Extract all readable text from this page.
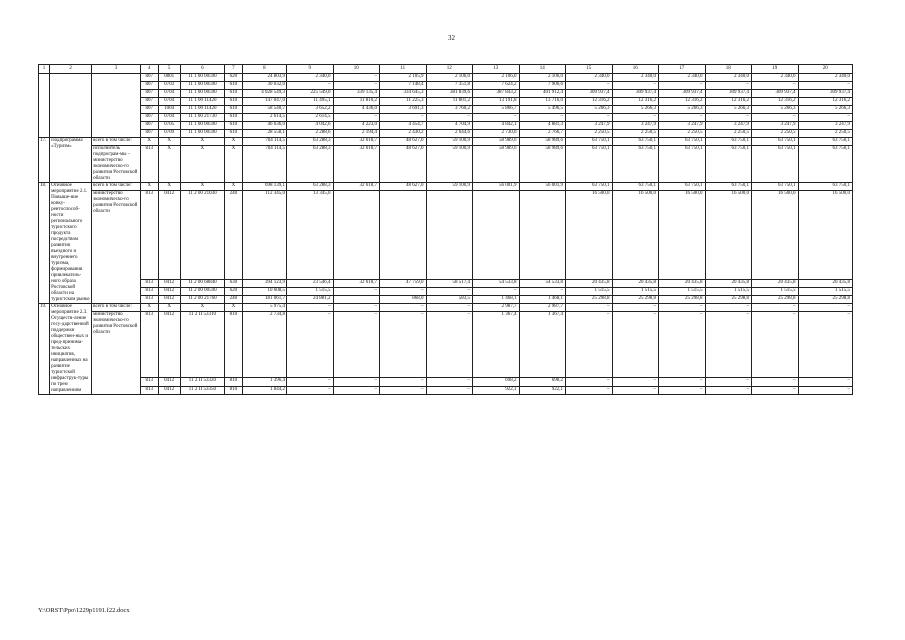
32
1	2	3	4	5	6	7	8	9	10	11	12	13	14	15	16	17	18	19	20
			807	0801	11 1 00 00590	620	24 803,9	2 340,0	–	2 105,9	2 106,0	2 106,0	2 106,0	2 340,0	2 340,0	2 340,0	2 340,0	2 340,0	2 340,0
			807	0703	11 1 00 00590	610	30 032,0	–	–	7 148,4	7 351,8	7 624,2	7 906,6	–	–	–	–	–	–
			807	0704	11 1 00 00590	610	4 028 549,3	225 549,0	339 135,4	334 645,3	381 839,6	387 843,2	401 912,4	309 937,4	309 937,4	309 937,4	309 937,4	309 937,4	309 937,4
			807	0704	11 1 00 11420	610	147 047,0	11 495,1	11 810,2	11 225,3	11 801,2	13 191,8	13 716,0	12 316,2	12 316,2	12 316,2	12 316,2	12 316,2	12 316,2
			807	1004	11 1 00 11420	610	58 540,7	3 652,2	4 436,0	3 691,3	3 760,2	5 866,7	5 496,5	5 266,3	5 266,3	5 266,3	5 266,3	5 266,3	5 266,3
			807	0704	11 1 00 21730	610	2 614,5	2 614,5	–	–	–	–	–	–	–	–	–	–	–
			807	0705	11 1 00 00590	610	46 636,0	4 042,6	4 223,0	4 454,7	4 704,9	4 842,1	4 881,3	3 247,9	3 247,9	3 247,9	3 247,9	3 247,9	3 247,9
			807	0709	11 1 00 00590	610	28 558,1	2 288,6	2 194,4	2 430,2	2 644,6	2 730,6	2 766,7	2 250,5	2 250,5	2 250,5	2 250,5	2 250,5	2 250,5
17.	Подпрограмма «Туризм»	всего в том числе:	X	X	X	X	704 114,5	63 288,3	32 618,7	48 627,0	59 100,9	58 989,6	58 989,6	63 750,1	63 750,1	63 750,1	63 750,1	63 750,1	63 750,1
		исполнитель подпрограм-мы – министерство экономическо-го развития Ростовской области	813	X	X	X	704 114,5	63 288,3	32 618,7	48 627,0	59 100,9	58 989,6	58 989,6	63 750,1	63 750,1	63 750,1	63 750,1	63 750,1	63 750,1
18.	Основное мероприятие 2.1. Повыше-ние конку-рентоспособ-ности регионального туристского продукта посредством развития въездного и внутреннего туризма, формирования привлекатель-ного образа Ростовской области на туристском рынке	всего в том числе:	X	X	X	X	698 139,1	63 288,3	32 618,7	48 627,0	59 100,9	56 001,9	56 001,9	63 750,1	63 750,1	63 750,1	63 750,1	63 750,1	63 750,1
		министерство экономическо-го развития Ростовской области	813	0412	11 2 00 21030	240	112 345,0	13 345,0						16 500,0	16 500,0	16 500,0	16 500,0	16 500,0	16 500,0
			813	0412	11 2 00 68840	630	394 123,9	23 546,4	32 618,7	47 759,0	58 517,4	54 533,8	54 533,8	20 435,8	20 435,8	20 435,8	20 435,8	20 435,8	20 435,8
			813	0412	11 2 00 00590	620	10 608,5	1 515,5	–	–	–	–	–	1 515,5	1 515,5	1 515,5	1 515,5	1 515,5	1 515,5
			813	0412	11 2 00 21760	240	181 061,7	24 881,2		868,0	583,5	1 468,1	1 468,1	25 298,8	25 298,8	25 298,8	25 298,8	25 298,8	25 298,8
19.	Основное мероприятие 2.3. Осуществ-ление госу-дарственной поддержки обществен-ных и пред-принима-тельских инициатив, направленных на развитие туристской инфраструк-туры по трем направлениям	всего в том числе:	X	X	X	X	5 975,4	–	–	–	–	2 987,7	2 987,7	–	–	–	–	–	–
		министерство экономическо-го развития Ростовской области	813	0412	11 2 П 53310	810	2 734,8	–	–	–	–	1 367,4	1 367,4	–	–	–	–	–	–
			813	0412	11 2 П 53320	810	1 396,4	–	–	–	–	698,2	698,2	–	–	–	–	–	–
			813	0412	11 2 П 53350	810	1 844,2	–	–	–	–	922,1	922,1	–	–	–	–	–	–
Y:\ORST\Ppo\1229p1191.f22.docx
